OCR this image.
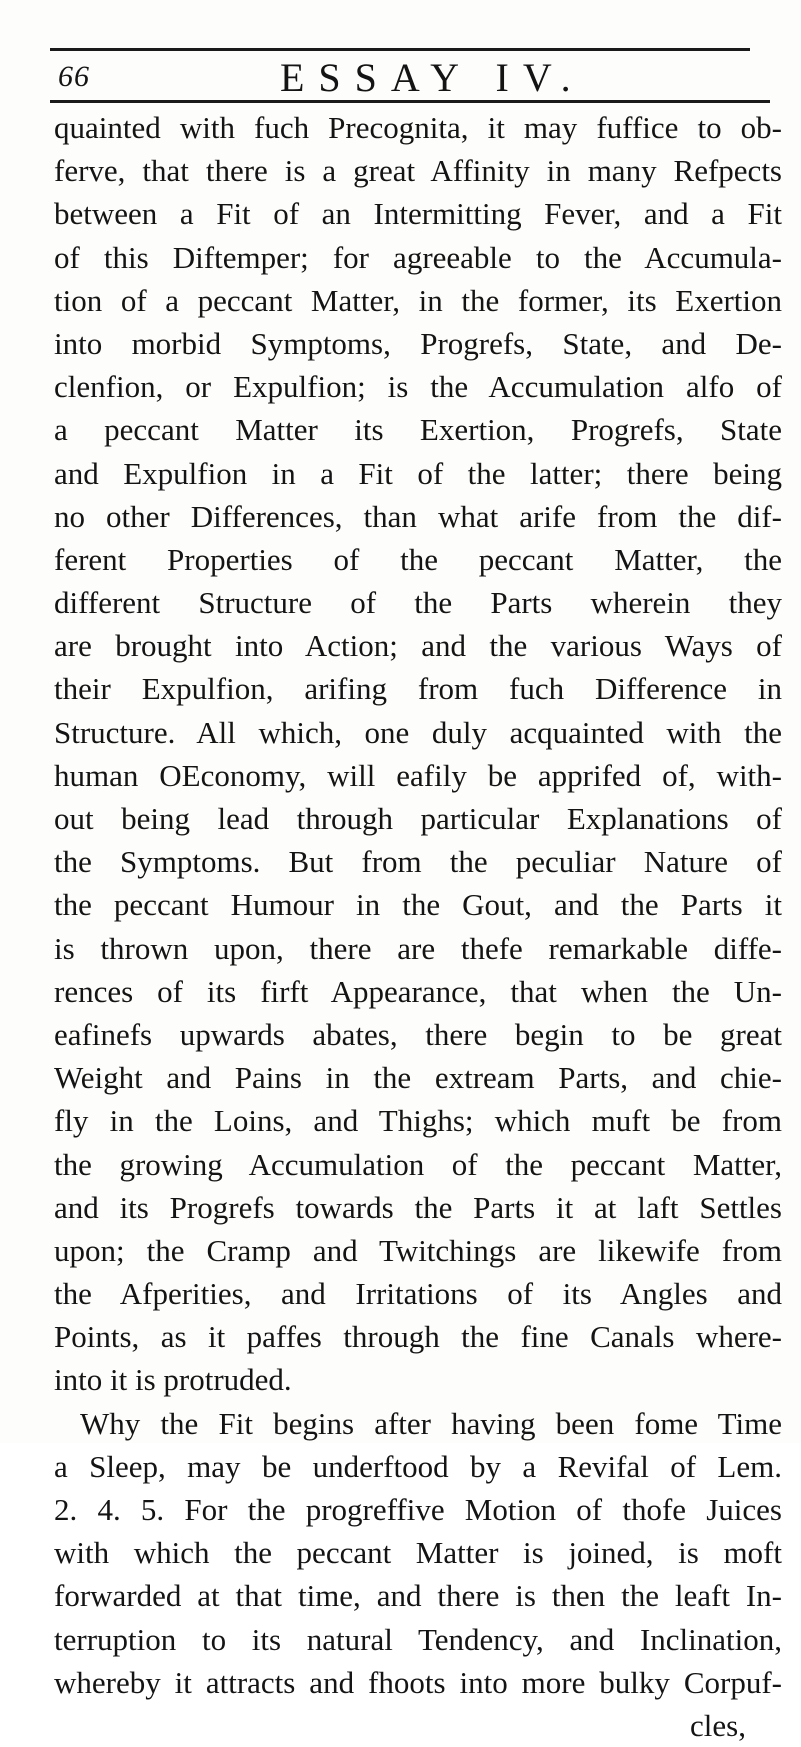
66	ESSAY IV.
quainted with fuch Precognita, it may fuffice to ob-
ferve, that there is a great Affinity in many Refpects
between a Fit of an Intermitting Fever, and a Fit
of this Diftemper; for agreeable to the Accumula-
tion of a peccant Matter, in the former, its Exertion
into morbid Symptoms, Progrefs, State, and De-
clenfion, or Expulfion; is the Accumulation alfo of
a peccant Matter its Exertion, Progrefs, State
and Expulfion in a Fit of the latter; there being
no other Differences, than what arife from the dif-
ferent Properties of the peccant Matter, the
different Structure of the Parts wherein they
are brought into Action; and the various Ways of
their Expulfion, arifing from fuch Difference in
Structure. All which, one duly acquainted with the
human OEconomy, will eafily be apprifed of, with-
out being lead through particular Explanations of
the Symptoms. But from the peculiar Nature of
the peccant Humour in the Gout, and the Parts it
is thrown upon, there are thefe remarkable diffe-
rences of its firft Appearance, that when the Un-
eafinefs upwards abates, there begin to be great
Weight and Pains in the extream Parts, and chie-
fly in the Loins, and Thighs; which muft be from
the growing Accumulation of the peccant Matter,
and its Progrefs towards the Parts it at laft Settles
upon; the Cramp and Twitchings are likewife from
the Afperities, and Irritations of its Angles and
Points, as it paffes through the fine Canals where-
into it is protruded.
Why the Fit begins after having been fome Time
a Sleep, may be underftood by a Revifal of Lem.
2. 4. 5. For the progreffive Motion of thofe Juices
with which the peccant Matter is joined, is moft
forwarded at that time, and there is then the leaft In-
terruption to its natural Tendency, and Inclination,
whereby it attracts and fhoots into more bulky Corpuf-
cles,
